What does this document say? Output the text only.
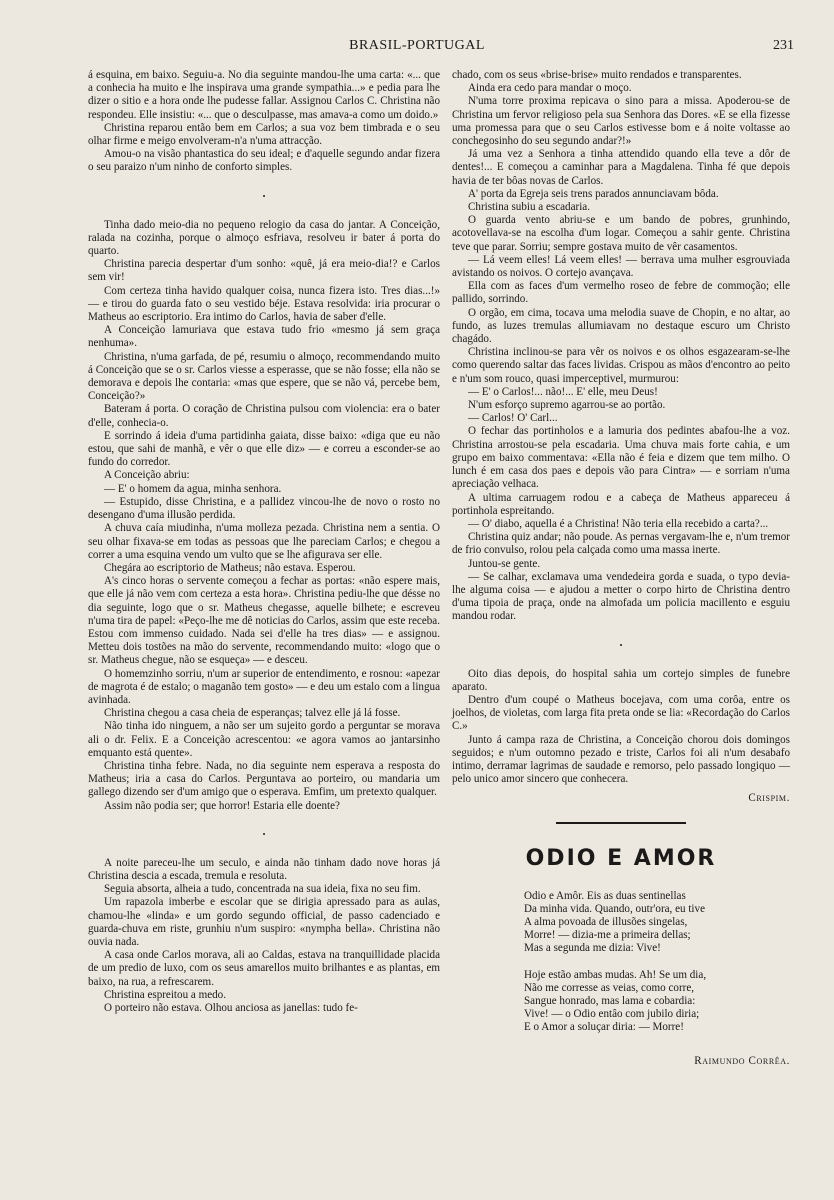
BRASIL-PORTUGAL	231

á esquina, em baixo. Seguiu-a. No dia seguinte mandou-lhe uma carta: «... que a conhecia ha muito e lhe inspirava uma grande sympathia...» e pedia para lhe dizer o sitio e a hora onde lhe pudesse fallar. Assignou Carlos C. Christina não respondeu. Elle insistiu: «... que o desculpasse, mas amava-a como um doido.»

Christina reparou então bem em Carlos; a sua voz bem timbrada e o seu olhar firme e meigo envolveram-n'a n'uma attracção.

Amou-o na visão phantastica do seu ideal; e d'aquelle segundo andar fizera o seu paraizo n'um ninho de conforto simples.

•

Tinha dado meio-dia no pequeno relogio da casa do jantar. A Conceição, ralada na cozinha, porque o almoço esfriava, resolveu ir bater á porta do quarto.

Christina parecia despertar d'um sonho: «quê, já era meio-dia!? e Carlos sem vir!

Com certeza tinha havido qualquer coisa, nunca fizera isto. Tres dias...!» — e tirou do guarda fato o seu vestido béje. Estava resolvida: iria procurar o Matheus ao escriptorio. Era intimo do Carlos, havia de saber d'elle.

A Conceição lamuriava que estava tudo frio «mesmo já sem graça nenhuma».

Christina, n'uma garfada, de pé, resumiu o almoço, recommendando muito á Conceição que se o sr. Carlos viesse a esperasse, que se não fosse; ella não se demorava e depois lhe contaria: «mas que espere, que se não vá, percebe bem, Conceição?»

Bateram á porta. O coração de Christina pulsou com violencia: era o bater d'elle, conhecia-o.

E sorrindo á ideia d'uma partidinha gaiata, disse baixo: «diga que eu não estou, que sahi de manhã, e vêr o que elle diz» — e correu a esconder-se ao fundo do corredor.

A Conceição abriu:

— E' o homem da agua, minha senhora.

— Estupido, disse Christina, e a pallidez vincou-lhe de novo o rosto no desengano d'uma illusão perdida.

A chuva caía miudinha, n'uma molleza pezada. Christina nem a sentia. O seu olhar fixava-se em todas as pessoas que lhe pareciam Carlos; e chegou a correr a uma esquina vendo um vulto que se lhe afigurava ser elle.

Chegára ao escriptorio de Matheus; não estava. Esperou.

A's cinco horas o servente começou a fechar as portas: «não espere mais, que elle já não vem com certeza a esta hora». Christina pediu-lhe que désse no dia seguinte, logo que o sr. Matheus chegasse, aquelle bilhete; e escreveu n'uma tira de papel: «Peço-lhe me dê noticias do Carlos, assim que este receba. Estou com immenso cuidado. Nada sei d'elle ha tres dias» — e assignou. Metteu dois tostões na mão do servente, recommendando muito: «logo que o sr. Matheus chegue, não se esqueça» — e desceu.

O homemzinho sorriu, n'um ar superior de entendimento, e rosnou: «apezar de magrota é de estalo; o maganão tem gosto» — e deu um estalo com a lingua avinhada.

Christina chegou a casa cheia de esperanças; talvez elle já lá fosse.

Não tinha ido ninguem, a não ser um sujeito gordo a perguntar se morava ali o dr. Felix. E a Conceição acrescentou: «e agora vamos ao jantarsinho emquanto está quente».

Christina tinha febre. Nada, no dia seguinte nem esperava a resposta do Matheus; iria a casa do Carlos. Perguntava ao porteiro, ou mandaria um gallego dizendo ser d'um amigo que o esperava. Emfim, um pretexto qualquer.

Assim não podia ser; que horror! Estaria elle doente?

•

A noite pareceu-lhe um seculo, e ainda não tinham dado nove horas já Christina descia a escada, tremula e resoluta.

Seguia absorta, alheia a tudo, concentrada na sua ideia, fixa no seu fim.

Um rapazola imberbe e escolar que se dirigia apressado para as aulas, chamou-lhe «linda» e um gordo segundo official, de passo cadenciado e guarda-chuva em riste, grunhiu n'um suspiro: «nympha bella». Christina não ouvia nada.

A casa onde Carlos morava, ali ao Caldas, estava na tranquillidade placida de um predio de luxo, com os seus amarellos muito brilhantes e as plantas, em baixo, na rua, a refrescarem.

Christina espreitou a medo.

O porteiro não estava. Olhou anciosa as janellas: tudo fe-

chado, com os seus «brise-brise» muito rendados e transparentes.

Ainda era cedo para mandar o moço.

N'uma torre proxima repicava o sino para a missa. Apoderou-se de Christina um fervor religioso pela sua Senhora das Dores. «E se ella fizesse uma promessa para que o seu Carlos estivesse bom e á noite voltasse ao conchegosinho do seu segundo andar?!»

Já uma vez a Senhora a tinha attendido quando ella teve a dôr de dentes!... E começou a caminhar para a Magdalena. Tinha fé que depois havia de ter bôas novas de Carlos.

A' porta da Egreja seis trens parados annunciavam bôda.

Christina subiu a escadaria.

O guarda vento abriu-se e um bando de pobres, grunhindo, acotovellava-se na escolha d'um logar. Começou a sahir gente. Christina teve que parar. Sorriu; sempre gostava muito de vêr casamentos.

— Lá veem elles! Lá veem elles! — berrava uma mulher esgrouviada avistando os noivos. O cortejo avançava.

Ella com as faces d'um vermelho roseo de febre de commoção; elle pallido, sorrindo.

O orgão, em cima, tocava uma melodia suave de Chopin, e no altar, ao fundo, as luzes tremulas allumiavam no destaque escuro um Christo chagádo.

Christina inclinou-se para vêr os noivos e os olhos esgazearam-se-lhe como querendo saltar das faces lividas. Crispou as mãos d'encontro ao peito e n'um som rouco, quasi imperceptivel, murmurou:

— E' o Carlos!... não!... E' elle, meu Deus!

N'um esforço supremo agarrou-se ao portão.

— Carlos! O' Carl...

O fechar das portinholos e a lamuria dos pedintes abafou-lhe a voz. Christina arrostou-se pela escadaria. Uma chuva mais forte cahia, e um grupo em baixo commentava: «Ella não é feia e dizem que tem milho. O lunch é em casa dos paes e depois vão para Cintra» — e sorriam n'uma apreciação velhaca.

A ultima carruagem rodou e a cabeça de Matheus appareceu á portinhola espreitando.

— O' diabo, aquella é a Christina! Não teria ella recebido a carta?...

Christina quiz andar; não poude. As pernas vergavam-lhe e, n'um tremor de frio convulso, rolou pela calçada como uma massa inerte.

Juntou-se gente.

— Se calhar, exclamava uma vendedeira gorda e suada, o typo devia-lhe alguma coisa — e ajudou a metter o corpo hirto de Christina dentro d'uma tipoia de praça, onde na almofada um policia macillento e esguiu mandou rodar.

•

Oito dias depois, do hospital sahia um cortejo simples de funebre aparato.

Dentro d'um coupé o Matheus bocejava, com uma corôa, entre os joelhos, de violetas, com larga fita preta onde se lia: «Recordação do Carlos C.»

Junto á campa raza de Christina, a Conceição chorou dois domingos seguidos; e n'um outomno pezado e triste, Carlos foi ali n'um desabafo intimo, derramar lagrimas de saudade e remorso, pelo passado longiquo — pelo unico amor sincero que conhecera.

Crispim.
ODIO E AMOR
Odio e Amôr. Eis as duas sentinellas
Da minha vida. Quando, outr'ora, eu tive
A alma povoada de illusões singelas,
Morre! — dizia-me a primeira dellas;
Mas a segunda me dizia: Vive!
Hoje estão ambas mudas. Ah! Se um dia,
Não me corresse as veias, como corre,
Sangue honrado, mas lama e cobardia:
Vive! — o Odio entâo com jubilo diria;
E o Amor a soluçar diria: — Morre!
Raimundo Corrêa.
